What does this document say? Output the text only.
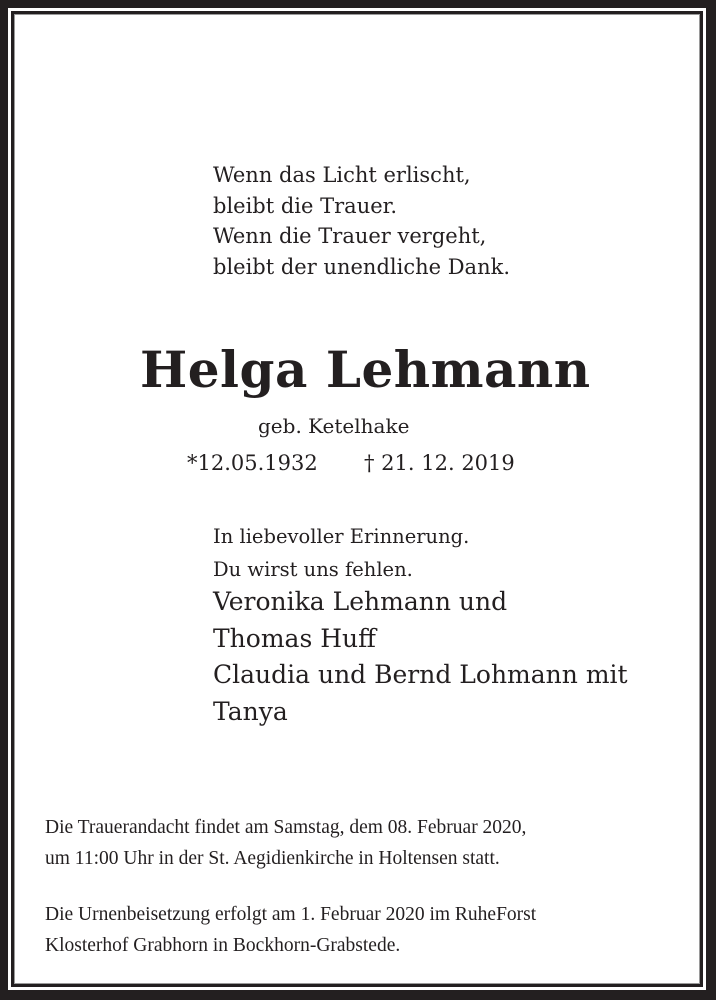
Wenn das Licht erlischt,
bleibt die Trauer.
Wenn die Trauer vergeht,
bleibt der unendliche Dank.
Helga Lehmann
geb. Ketelhake
*12.05.1932 † 21. 12. 2019
In liebevoller Erinnerung.
Du wirst uns fehlen.
Veronika Lehmann und
Thomas Huff
Claudia und Bernd Lohmann mit
Tanya
Die Trauerandacht findet am Samstag, dem 08. Februar 2020,
um 11:00 Uhr in der St. Aegidienkirche in Holtensen statt.
Die Urnenbeisetzung erfolgt am 1. Februar 2020 im RuheForst
Klosterhof Grabhorn in Bockhorn-Grabstede.
